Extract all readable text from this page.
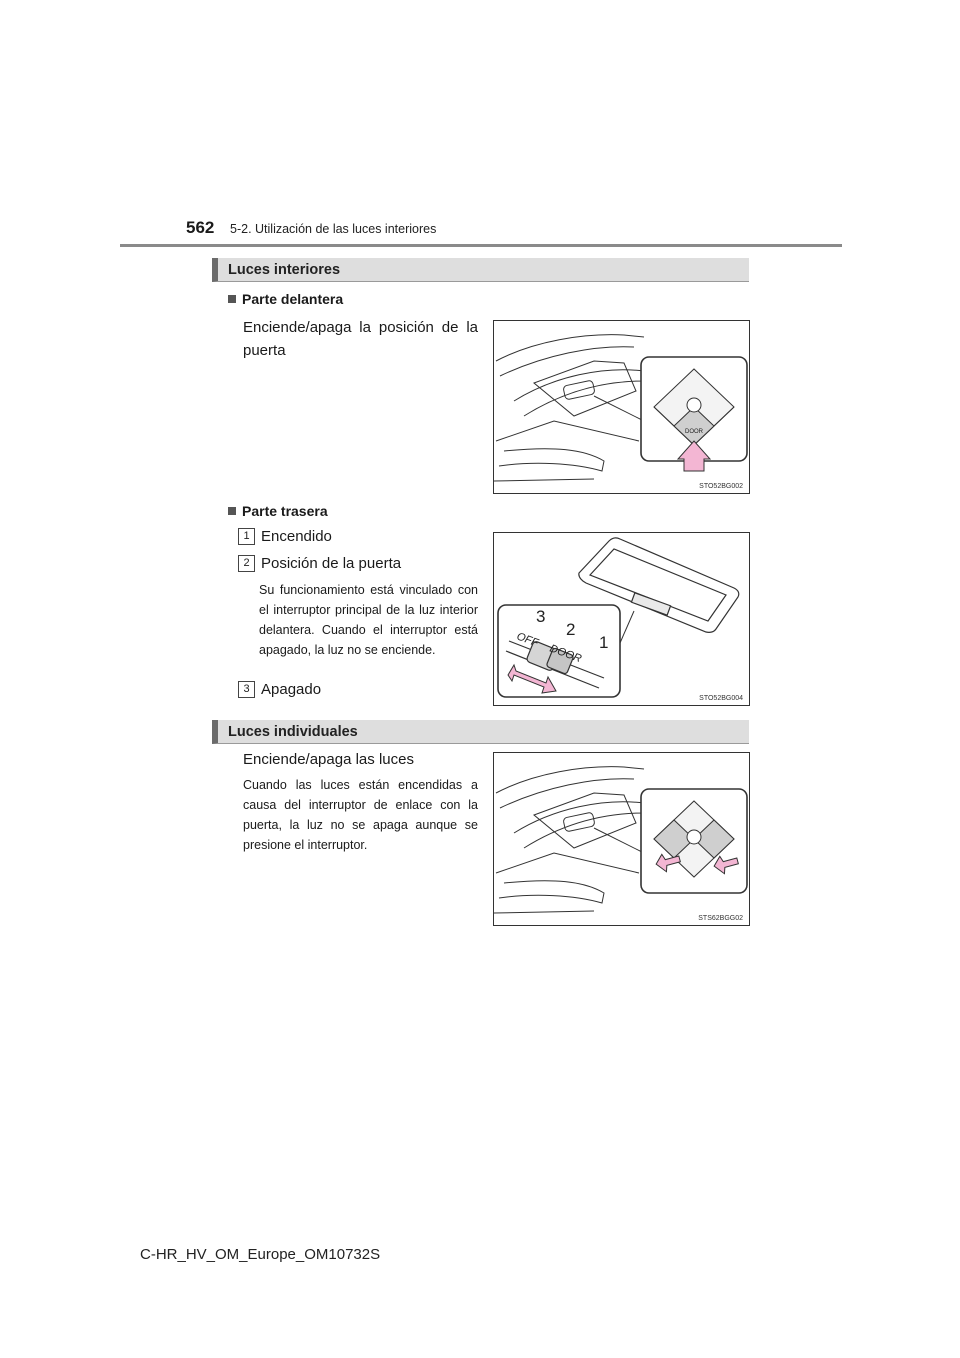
562 5-2. Utilización de las luces interiores
Luces interiores
Parte delantera
Enciende/apaga la posición de la puerta
DOOR
STO52BG002
Parte trasera
1 Encendido
2 Posición de la puerta
Su funcionamiento está vinculado con el interruptor principal de la luz interior delantera. Cuando el interruptor está apagado, la luz no se enciende.
3 Apagado
OFF
DOOR
3
2
1
STO52BG004
Luces individuales
Enciende/apaga las luces
Cuando las luces están encendidas a causa del interruptor de enlace con la puerta, la luz no se apaga aunque se presione el interruptor.
STS62BGG02
C-HR_HV_OM_Europe_OM10732S
